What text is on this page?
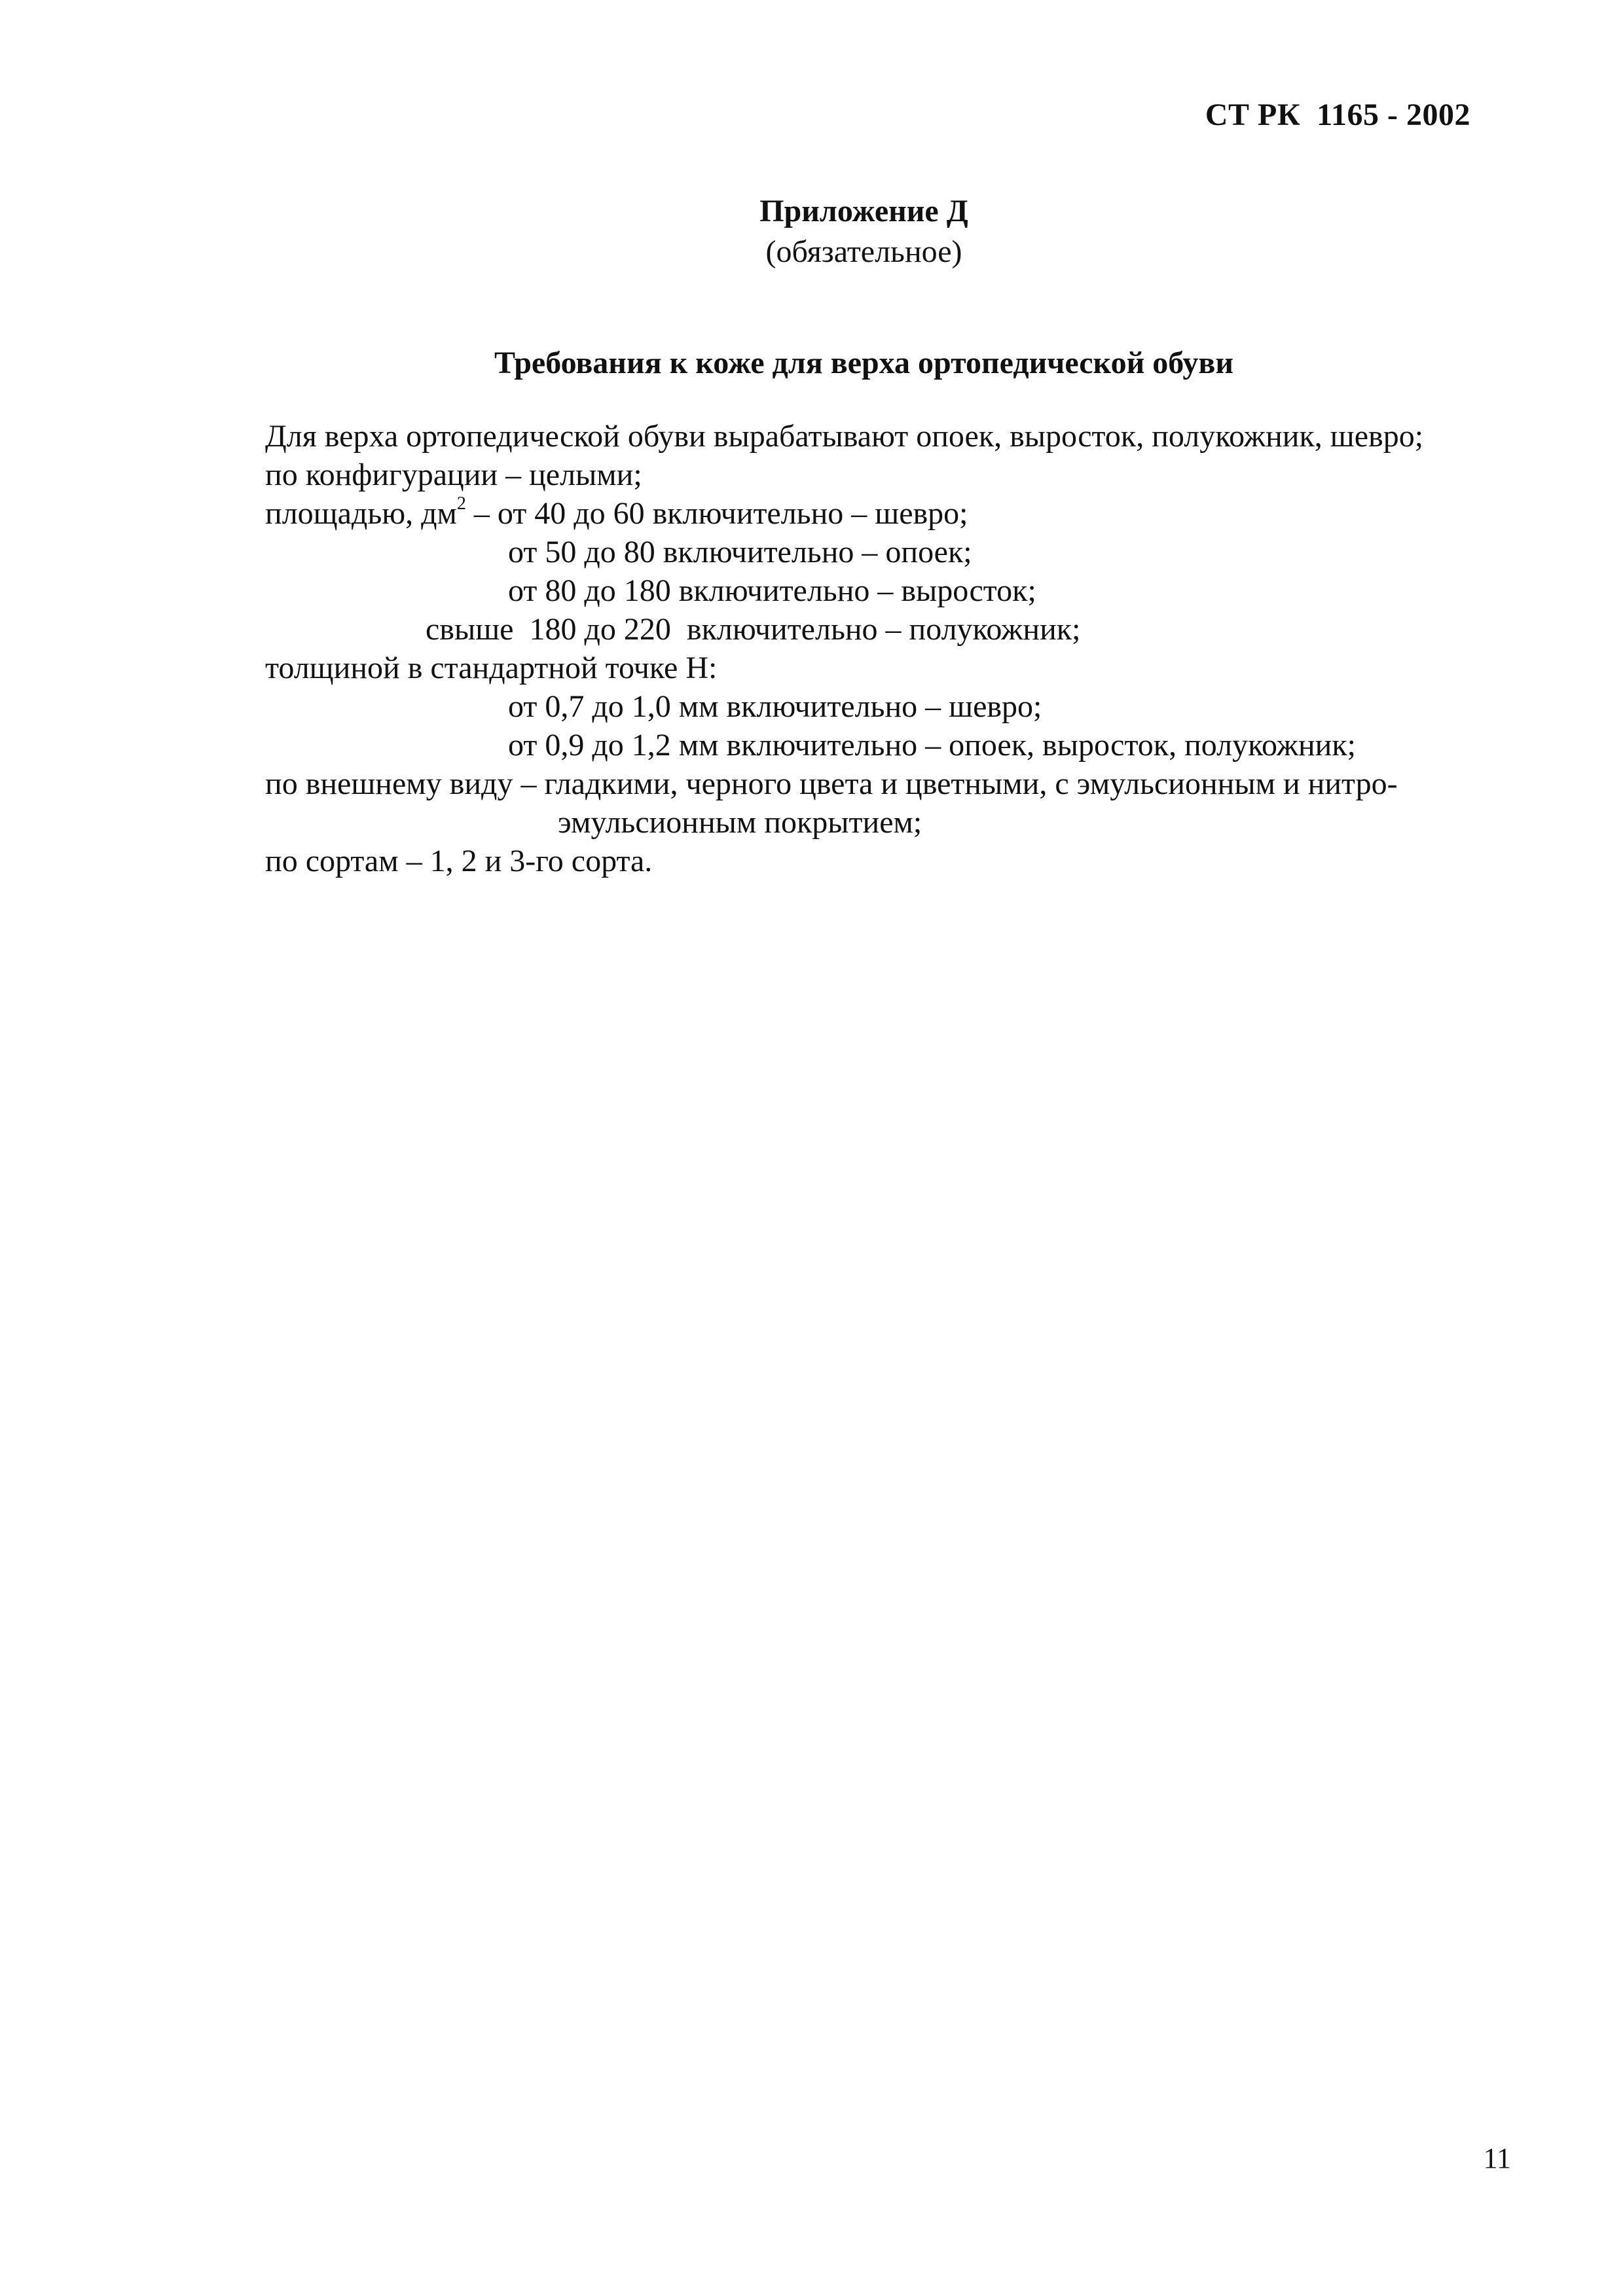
СТ РК  1165 - 2002
Приложение Д
(обязательное)
Требования к коже для верха ортопедической обуви
Для верха ортопедической обуви вырабатывают опоек, выросток, полукожник, шевро;
по конфигурации – целыми;
площадью, $дм^2$ – от 40 до 60 включительно – шевро;
от 50 до 80 включительно – опоек;
от 80 до 180 включительно – выросток;
свыше  180 до 220  включительно – полукожник;
толщиной в стандартной точке Н:
от 0,7 до 1,0 мм включительно – шевро;
от 0,9 до 1,2 мм включительно – опоек, выросток, полукожник;
по внешнему виду – гладкими, черного цвета и цветными, с эмульсионным и нитро-
эмульсионным покрытием;
по сортам – 1, 2 и 3-го сорта.
11
